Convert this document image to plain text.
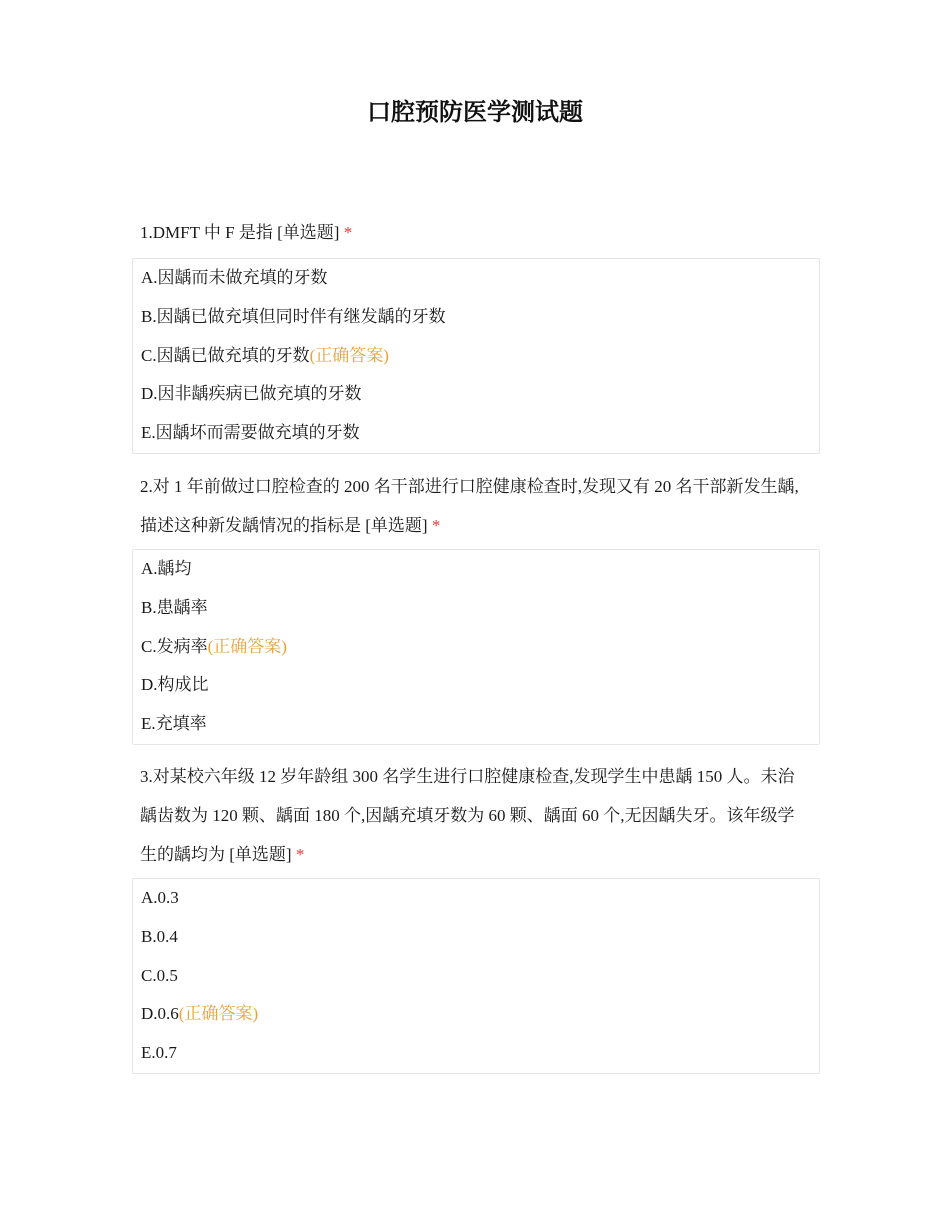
口腔预防医学测试题
1.DMFT 中 F 是指 [单选题] *
A.因龋而未做充填的牙数
B.因龋已做充填但同时伴有继发龋的牙数
C.因龋已做充填的牙数(正确答案)
D.因非龋疾病已做充填的牙数
E.因龋坏而需要做充填的牙数
2.对 1 年前做过口腔检查的 200 名干部进行口腔健康检查时,发现又有 20 名干部新发生龋,描述这种新发龋情况的指标是 [单选题] *
A.龋均
B.患龋率
C.发病率(正确答案)
D.构成比
E.充填率
3.对某校六年级 12 岁年龄组 300 名学生进行口腔健康检查,发现学生中患龋 150 人。未治龋齿数为 120 颗、龋面 180 个,因龋充填牙数为 60 颗、龋面 60 个,无因龋失牙。该年级学生的龋均为 [单选题] *
A.0.3
B.0.4
C.0.5
D.0.6(正确答案)
E.0.7
